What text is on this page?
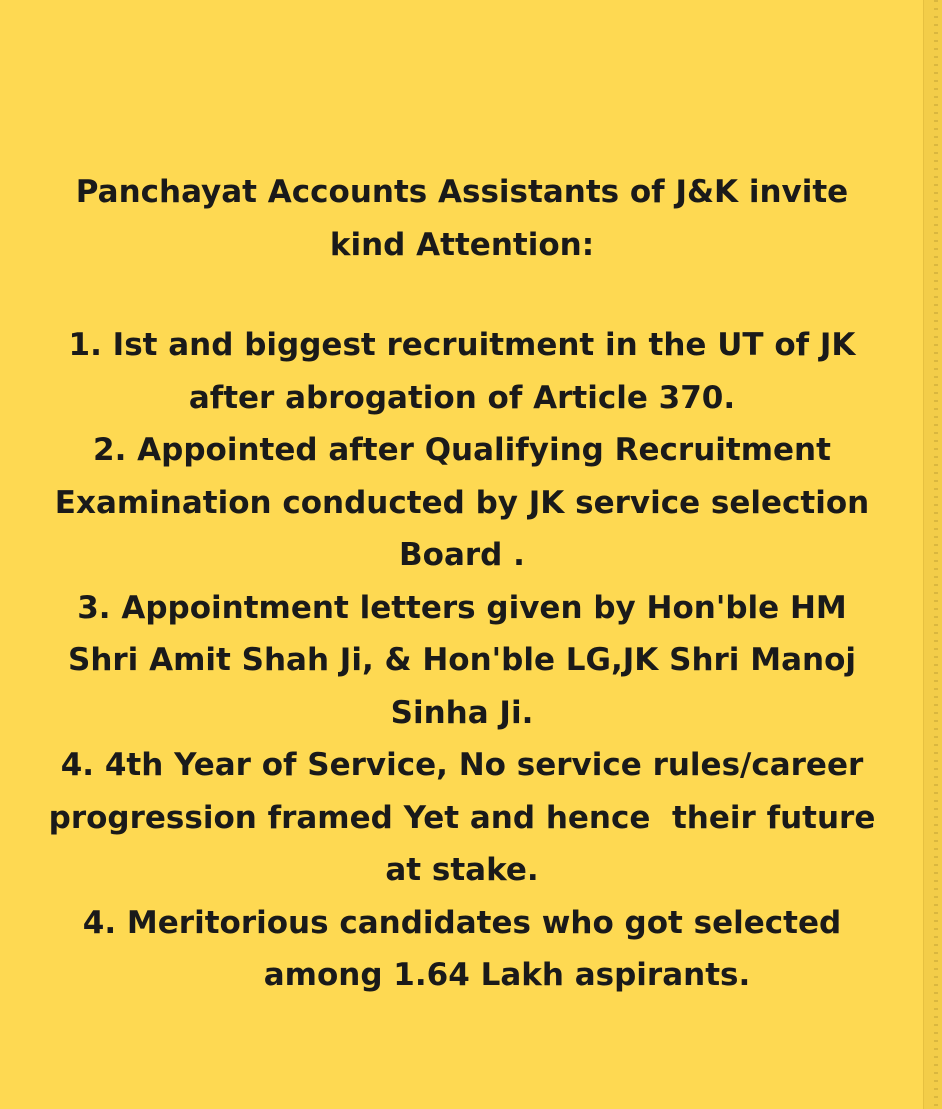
Panchayat Accounts Assistants of J&K invite
kind Attention:
1. Ist and biggest recruitment in the UT of JK
after abrogation of Article 370.
2. Appointed after Qualifying Recruitment
Examination conducted by JK service selection
Board .
3. Appointment letters given by Hon'ble HM
Shri Amit Shah Ji, & Hon'ble LG,JK Shri Manoj
Sinha Ji.
4. 4th Year of Service, No service rules/career
progression framed Yet and hence  their future
at stake.
4. Meritorious candidates who got selected
among 1.64 Lakh aspirants.
